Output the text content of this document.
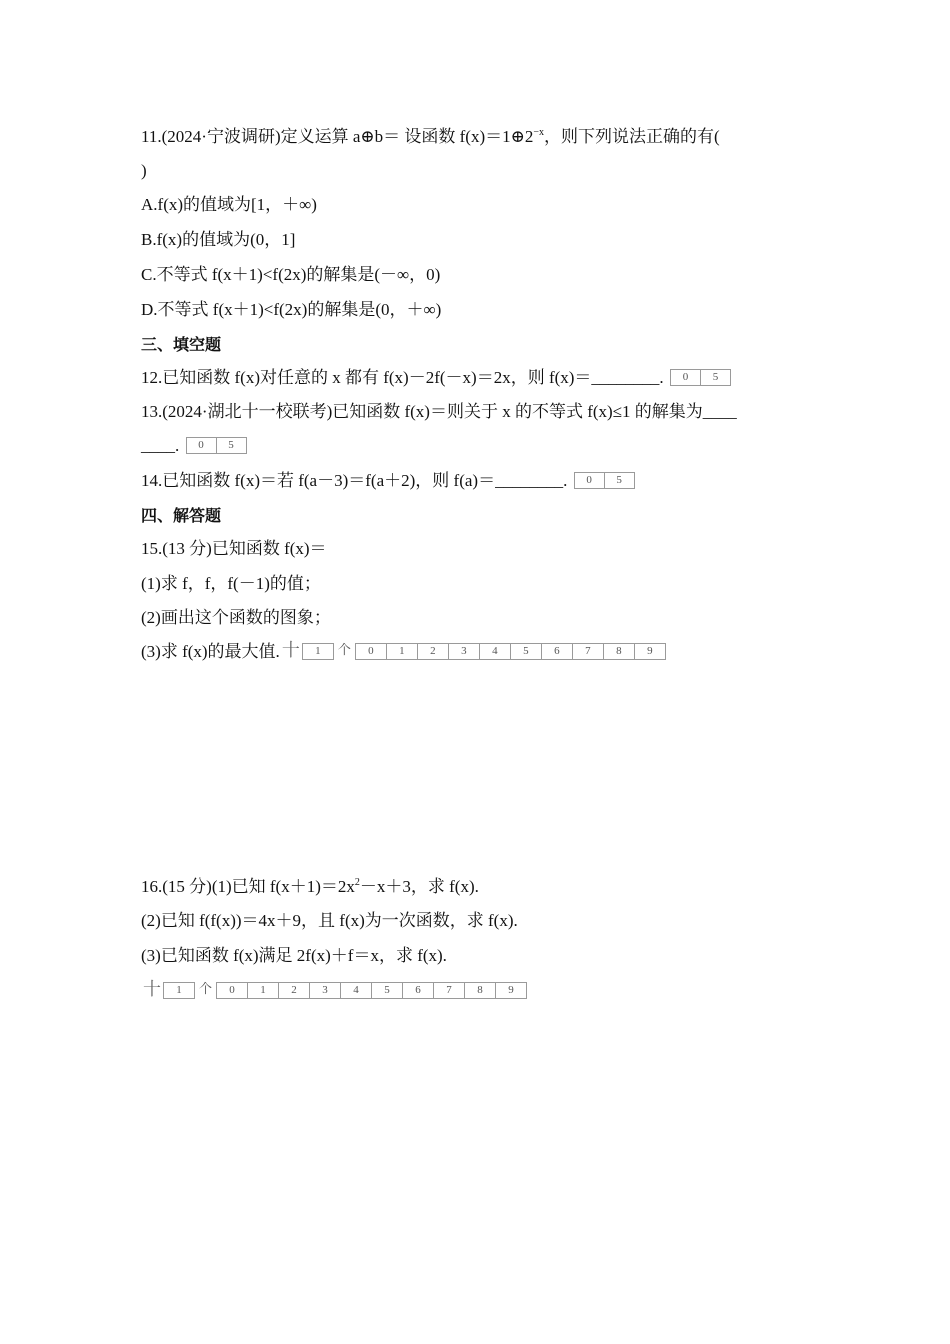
11.(2024·宁波调研)定义运算 a⊕b＝ 设函数 $f(x)=1\oplus 2^{-x}$，则下列说法正确的有(
)
A.f(x)的值域为[1，＋∞)
B.f(x)的值域为(0，1]
C.不等式 f(x＋1)<f(2x)的解集是(－∞，0)
D.不等式 f(x＋1)<f(2x)的解集是(0，＋∞)
三、填空题
12.已知函数 f(x)对任意的 x 都有 f(x)－2f(－x)＝2x，则 f(x)＝________.	0	5
13.(2024·湖北十一校联考)已知函数 f(x)＝则关于 x 的不等式 f(x)≤1 的解集为____
____.	0	5
14.已知函数 f(x)＝若 f(a－3)＝f(a＋2)，则 f(a)＝________.	0	5
四、解答题
15.(13 分)已知函数 f(x)＝
(1)求 f，f，f(－1)的值；
(2)画出这个函数的图象；
(3)求 f(x)的最大值. 十	1	个	0	1	2	3	4	5	6	7	8	9
16.(15 分)(1)已知 $f(x+1)=2x^2-x+3$，求 f(x).
(2)已知 f(f(x))＝4x＋9，且 f(x)为一次函数，求 f(x).
(3)已知函数 f(x)满足 2f(x)＋f＝x，求 f(x).
十	1	个	0	1	2	3	4	5	6	7	8	9
